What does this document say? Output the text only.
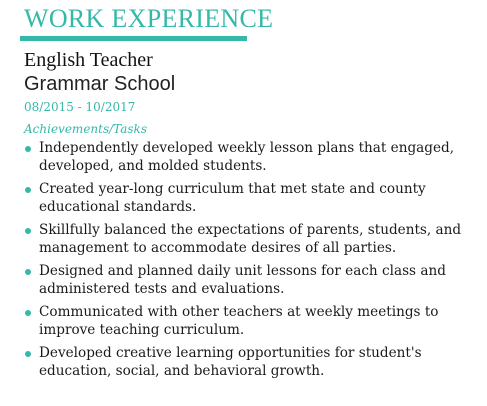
WORK EXPERIENCE
English Teacher
Grammar School
08/2015 - 10/2017
Achievements/Tasks
Independently developed weekly lesson plans that engaged, developed, and molded students.
Created year-long curriculum that met state and county educational standards.
Skillfully balanced the expectations of parents, students, and management to accommodate desires of all parties.
Designed and planned daily unit lessons for each class and administered tests and evaluations.
Communicated with other teachers at weekly meetings to improve teaching curriculum.
Developed creative learning opportunities for student's education, social, and behavioral growth.
